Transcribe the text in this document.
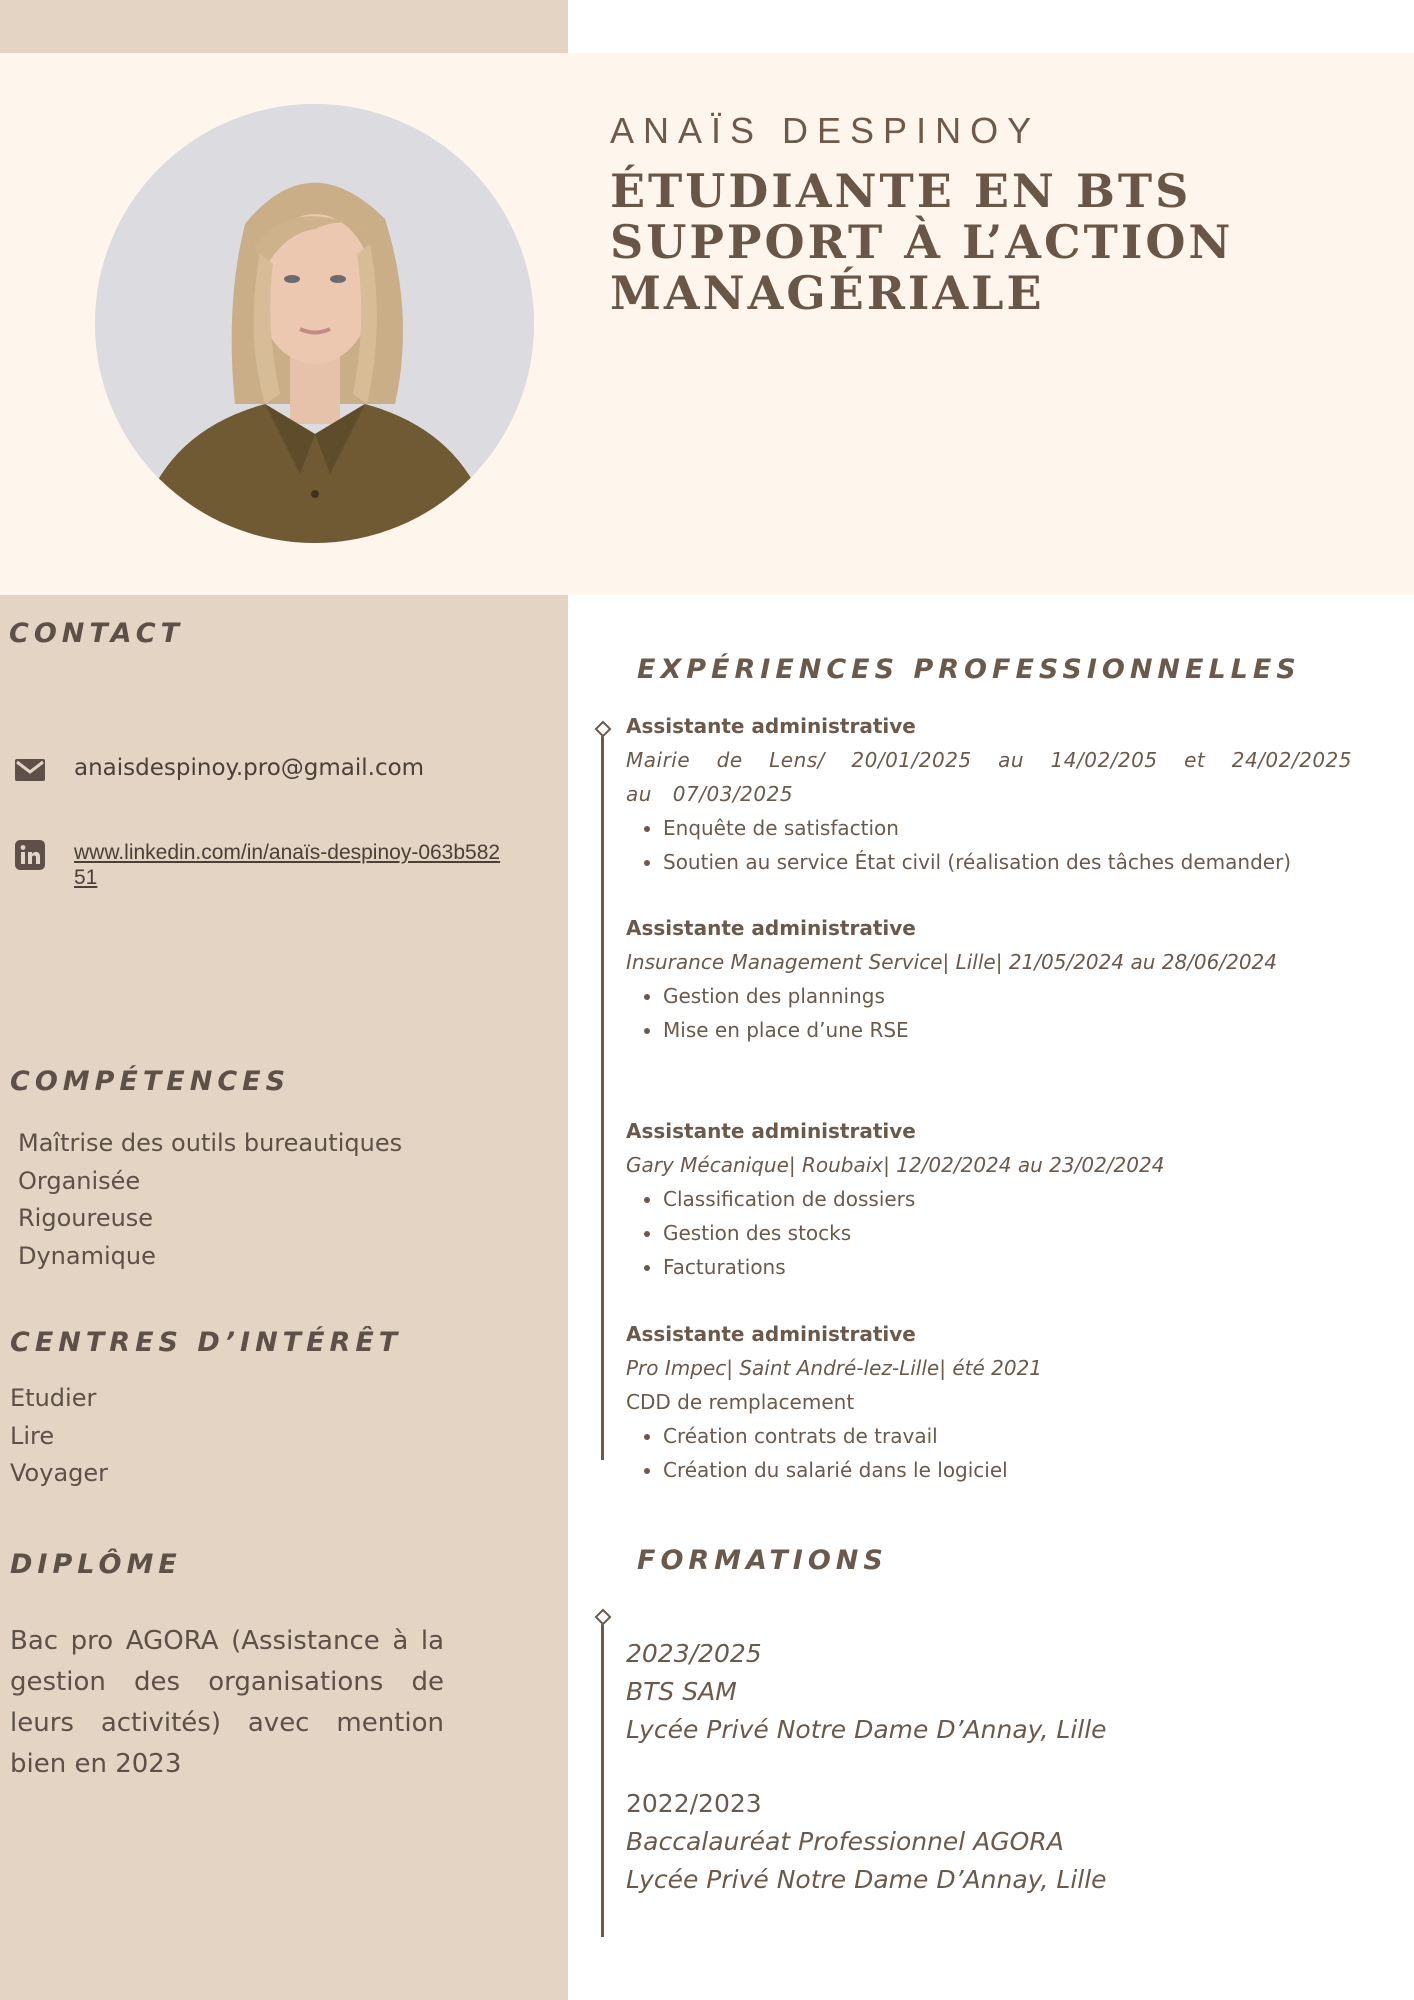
ANAÏS DESPINOY
ÉTUDIANTE EN BTS SUPPORT À L’ACTION MANAGÉRIALE
CONTACT
anaisdespinoy.pro@gmail.com
www.linkedin.com/in/anaïs-despinoy-063b58251
COMPÉTENCES
Maîtrise des outils bureautiques
Organisée
Rigoureuse
Dynamique
CENTRES D’INTÉRÊT
Etudier
Lire
Voyager
DIPLÔME
Bac pro AGORA (Assistance à la gestion des organisations de leurs activités) avec mention bien en 2023
EXPÉRIENCES PROFESSIONNELLES
Assistante administrative
Mairie de Lens/ 20/01/2025 au 14/02/205 et 24/02/2025 au 07/03/2025
• Enquête de satisfaction
• Soutien au service État civil (réalisation des tâches demander)
Assistante administrative
Insurance Management Service| Lille| 21/05/2024 au 28/06/2024
• Gestion des plannings
• Mise en place d’une RSE
Assistante administrative
Gary Mécanique| Roubaix| 12/02/2024 au 23/02/2024
• Classification de dossiers
• Gestion des stocks
• Facturations
Assistante administrative
Pro Impec| Saint André-lez-Lille| été 2021
CDD de remplacement
• Création contrats de travail
• Création du salarié dans le logiciel
FORMATIONS
2023/2025
BTS SAM
Lycée Privé Notre Dame D’Annay, Lille
2022/2023
Baccalauréat Professionnel AGORA
Lycée Privé Notre Dame D’Annay, Lille
